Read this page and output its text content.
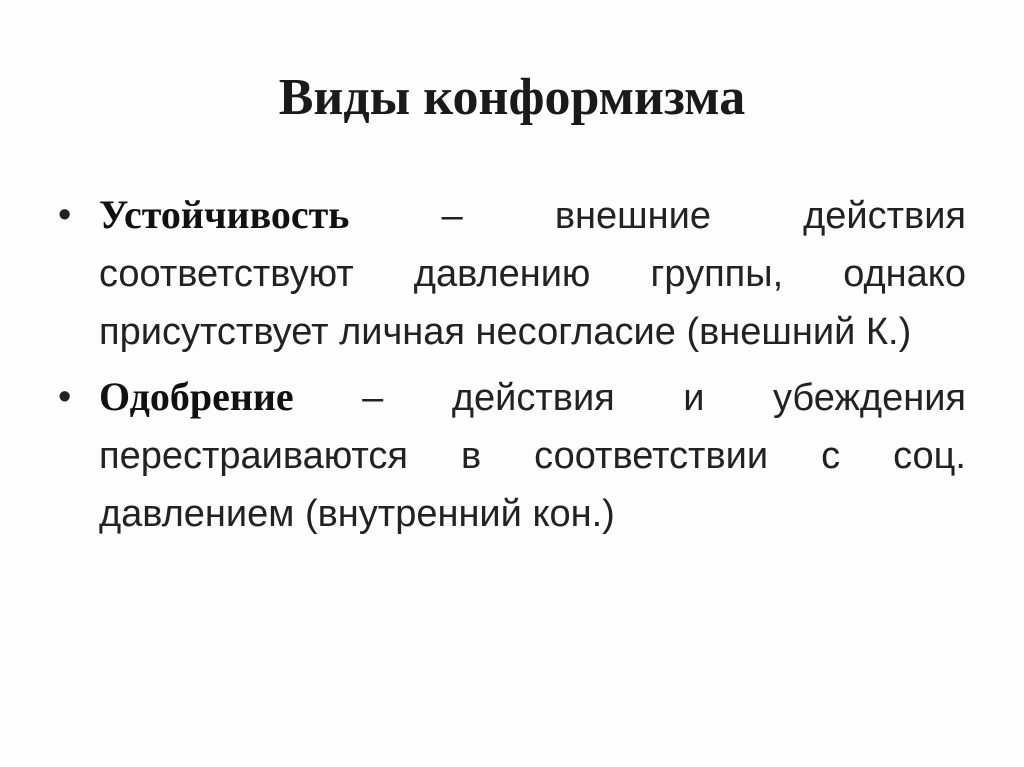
Виды конформизма
• Устойчивость – внешние действия соответствуют давлению группы, однако присутствует личная несогласие (внешний К.)
• Одобрение – действия и убеждения перестраиваются в соответствии с соц. давлением (внутренний кон.)
